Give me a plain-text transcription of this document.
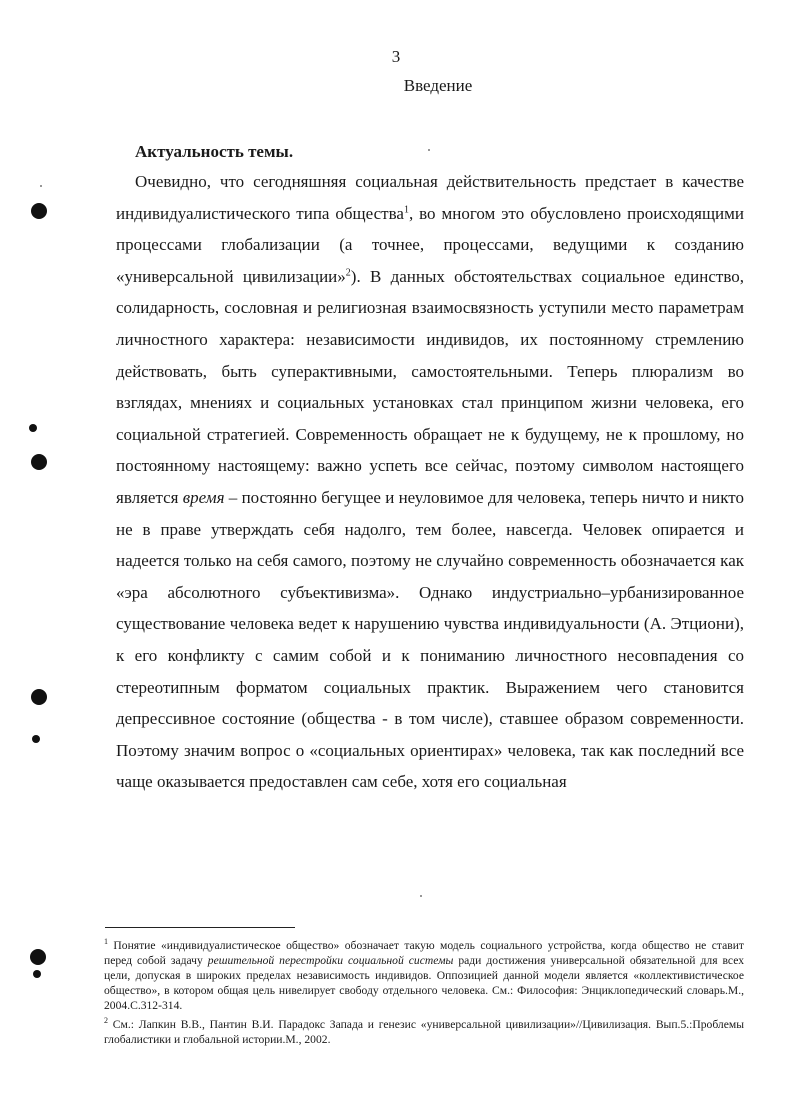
3
Введение
Актуальность темы.

Очевидно, что сегодняшняя социальная действительность предстает в качестве индивидуалистического типа общества$^1$, во многом это обусловлено происходящими процессами глобализации (а точнее, процессами, ведущими к созданию «универсальной цивилизации»$^2$). В данных обстоятельствах социальное единство, солидарность, сословная и религиозная взаимосвязность уступили место параметрам личностного характера: независимости индивидов, их постоянному стремлению действовать, быть суперактивными, самостоятельными. Теперь плюрализм во взглядах, мнениях и социальных установках стал принципом жизни человека, его социальной стратегией. Современность обращает не к будущему, не к прошлому, но постоянному настоящему: важно успеть все сейчас, поэтому символом настоящего является время – постоянно бегущее и неуловимое для человека, теперь ничто и никто не в праве утверждать себя надолго, тем более, навсегда. Человек опирается и надеется только на себя самого, поэтому не случайно современность обозначается как «эра абсолютного субъективизма». Однако индустриально–урбанизированное существование человека ведет к нарушению чувства индивидуальности (А. Этциони), к его конфликту с самим собой и к пониманию личностного несовпадения со стереотипным форматом социальных практик. Выражением чего становится депрессивное состояние (общества - в том числе), ставшее образом современности. Поэтому значим вопрос о «социальных ориентирах» человека, так как последний все чаще оказывается предоставлен сам себе, хотя его социальная

$^1$ Понятие «индивидуалистическое общество» обозначает такую модель социального устройства, когда общество не ставит перед собой задачу решительной перестройки социальной системы ради достижения универсальной обязательной для всех цели, допуская в широких пределах независимость индивидов. Оппозицией данной модели является «коллективистическое общество», в котором общая цель нивелирует свободу отдельного человека. См.: Философия: Энциклопедический словарь.М., 2004.С.312-314.

$^2$ См.: Лапкин В.В., Пантин В.И. Парадокс Запада и генезис «универсальной цивилизации»//Цивилизация. Вып.5.:Проблемы глобалистики и глобальной истории.М., 2002.
